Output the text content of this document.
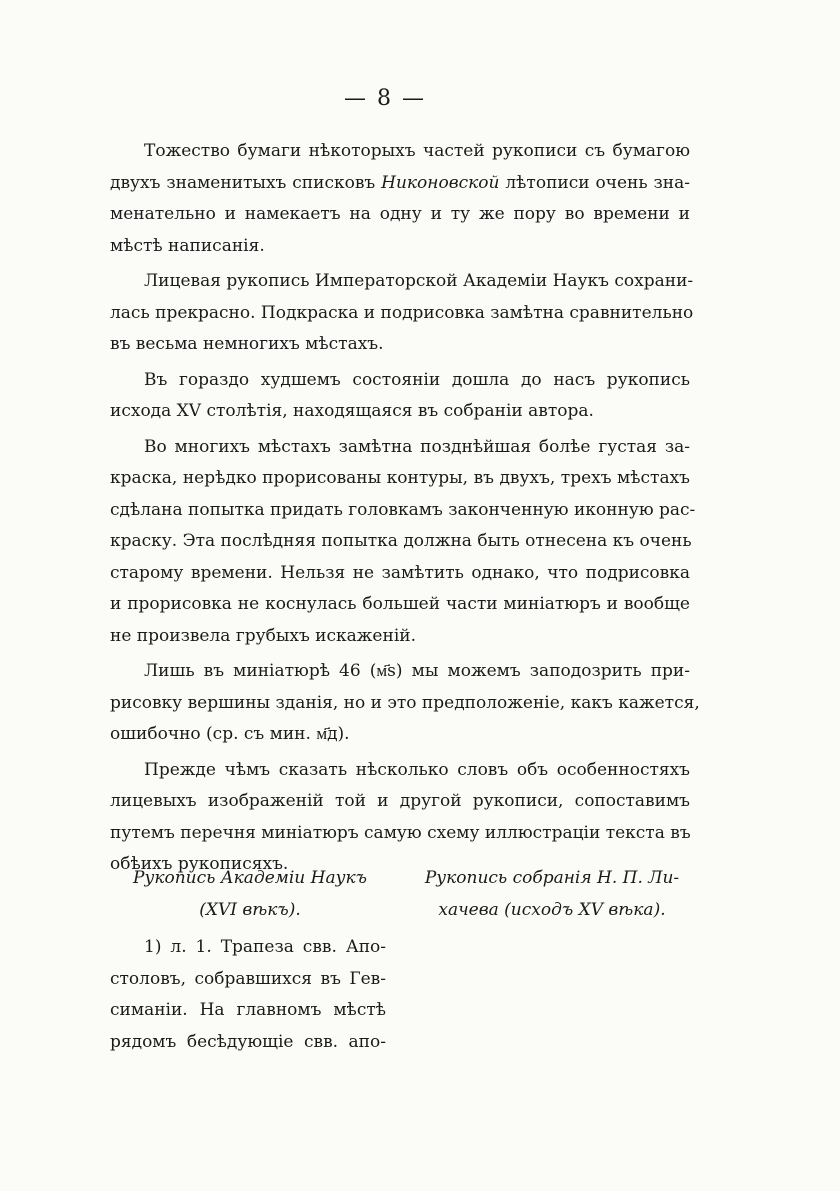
— 8 —
Тожество бумаги нѣкоторыхъ частей рукописи съ бумагою
двухъ знаменитыхъ списковъ Никоновской лѣтописи очень зна-
менательно и намекаетъ на одну и ту же пору во времени и
мѣстѣ написанія.
Лицевая рукопись Императорской Академіи Наукъ сохрани-
лась прекрасно. Подкраска и подрисовка замѣтна сравнительно
въ весьма немногихъ мѣстахъ.
Въ гораздо худшемъ состояніи дошла до насъ рукопись
исхода XV столѣтія, находящаяся въ собраніи автора.
Во многихъ мѣстахъ замѣтна позднѣйшая болѣе густая за-
краска, нерѣдко прорисованы контуры, въ двухъ, трехъ мѣстахъ
сдѣлана попытка придать головкамъ законченную иконную рас-
краску. Эта послѣдняя попытка должна быть отнесена къ очень
старому времени. Нельзя не замѣтить однако, что подрисовка
и прорисовка не коснулась большей части миніатюръ и вообще
не произвела грубыхъ искаженій.
Лишь въ миніатюрѣ 46 (м҃ѕ) мы можемъ заподозрить при-
рисовку вершины зданія, но и это предположеніе, какъ кажется,
ошибочно (ср. съ мин. м҃д).
Прежде чѣмъ сказать нѣсколько словъ объ особенностяхъ
лицевыхъ изображеній той и другой рукописи, сопоставимъ
путемъ перечня миніатюръ самую схему иллюстраціи текста въ
обѣихъ рукописяхъ.
Рукопись Академіи Наукъ
(XVI вѣкъ).
Рукопись собранія Н. П. Ли-
хачева (исходъ XV вѣка).
1) л. 1. Трапеза свв. Апо-
столовъ, собравшихся въ Гев-
симаніи. На главномъ мѣстѣ
рядомъ бесѣдующіе свв. апо-
